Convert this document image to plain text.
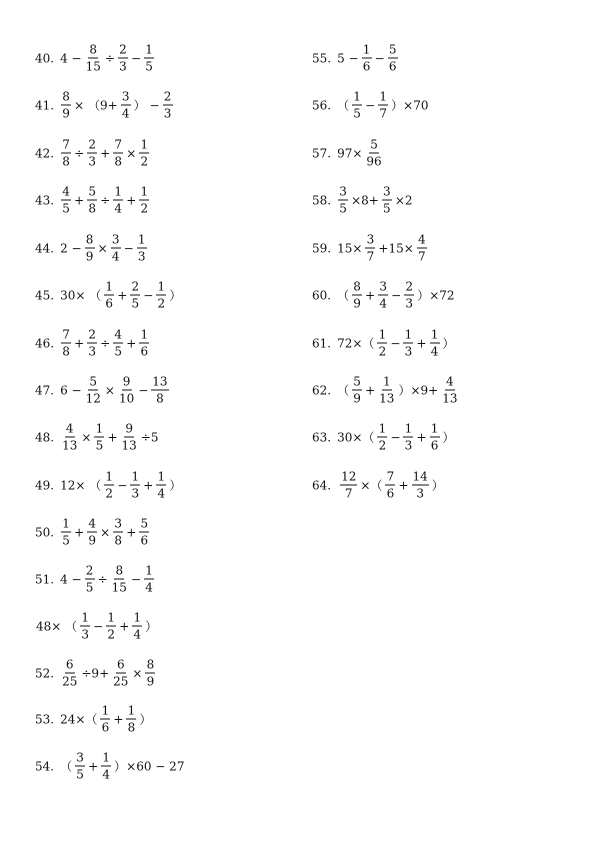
40. $4 - \frac{8}{15} \div \frac{2}{3} - \frac{1}{5}$
41. $\frac{8}{9} \times (9+ \frac{3}{4}$ ） − $\frac{2}{3}$
42. $\frac{7}{8} \div \frac{2}{3} + \frac{7}{8} \times \frac{1}{2}$
43. $\frac{4}{5} + \frac{5}{8} \div \frac{1}{4} + \frac{1}{2}$
44. $2 - \frac{8}{9} \times \frac{3}{4} - \frac{1}{3}$
45. 30× （ $\frac{1}{6} + \frac{2}{5} - \frac{1}{2}$ ）
46. $\frac{7}{8} + \frac{2}{3} \div \frac{4}{5} + \frac{1}{6}$
47. $6 - \frac{5}{12} \times \frac{9}{10} - \frac{13}{8}$
48. $\frac{4}{13} \times \frac{1}{5} + \frac{9}{13} \div 5$
49. 12× （ $\frac{1}{2} - \frac{1}{3} + \frac{1}{4}$ ）
50. $\frac{1}{5} + \frac{4}{9} \times \frac{3}{8} + \frac{5}{6}$
51. $4 - \frac{2}{5} \div \frac{8}{15} - \frac{1}{4}$
48× （ $\frac{1}{3} - \frac{1}{2} + \frac{1}{4}$ ）
52. $\frac{6}{25} \div 9+ \frac{6}{25} \times \frac{8}{9}$
53. $24\times( \frac{1}{6} + \frac{1}{8}$ ）
54. （ $\frac{3}{5} + \frac{1}{4} )\times 60 - 27$
55. $5 - \frac{1}{6} - \frac{5}{6}$
56. （ $\frac{1}{5} - \frac{1}{7} )\times 70$
57. $97\times \frac{5}{96}$
58. $\frac{3}{5} \times 8+ \frac{3}{5} \times 2$
59. $15\times \frac{3}{7} +15\times \frac{4}{7}$
60. （ $\frac{8}{9} + \frac{3}{4} - \frac{2}{3} )\times 72$
61. $72\times( \frac{1}{2} - \frac{1}{3} + \frac{1}{4}$ ）
62. （ $\frac{5}{9} + \frac{1}{13} )\times 9+ \frac{4}{13}$
63. $30\times( \frac{1}{2} - \frac{1}{3} + \frac{1}{6}$ ）
64. $\frac{12}{7}$ ×（ $\frac{7}{6} + \frac{14}{3}$ ）
